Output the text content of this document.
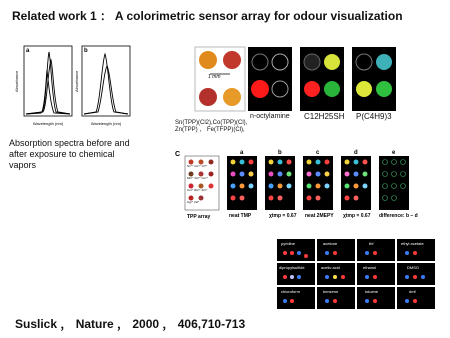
Related work 1 ： A colorimetric sensor array for odour visualization
a	b
Wavelength (nm)	Wavelength (nm)
Absorbance	Absorbance
Absorption spectra before and after exposure to chemical vapors
1 mm
Sn(TPP)(Cl2),Co(TPP)(Cl), Zn(TPP) ， Fe(TFPP)(Cl),
n-octylamine C12H25SH P(C4H9)3
C
Sn⁴⁺ Co³⁺ Cr³⁺
Mn³⁺ Fe³⁺ Co²⁺
Cu²⁺ Ru²⁺ Zn²⁺
Ag²⁺ 2H⁺
TPP array
a
neat TMP
b
χtmp = 0.67
c
neat 2MEPY
d
χtmp = 0.67
e
difference: b – d
pyridine	acetone	thf	ethyl acetate
dipropylsulfide	acetic acid	ethanol	DMSO
chloroform	benzene	toluene	dmf
Suslick ， Nature ， 2000 ， 406,710-713
